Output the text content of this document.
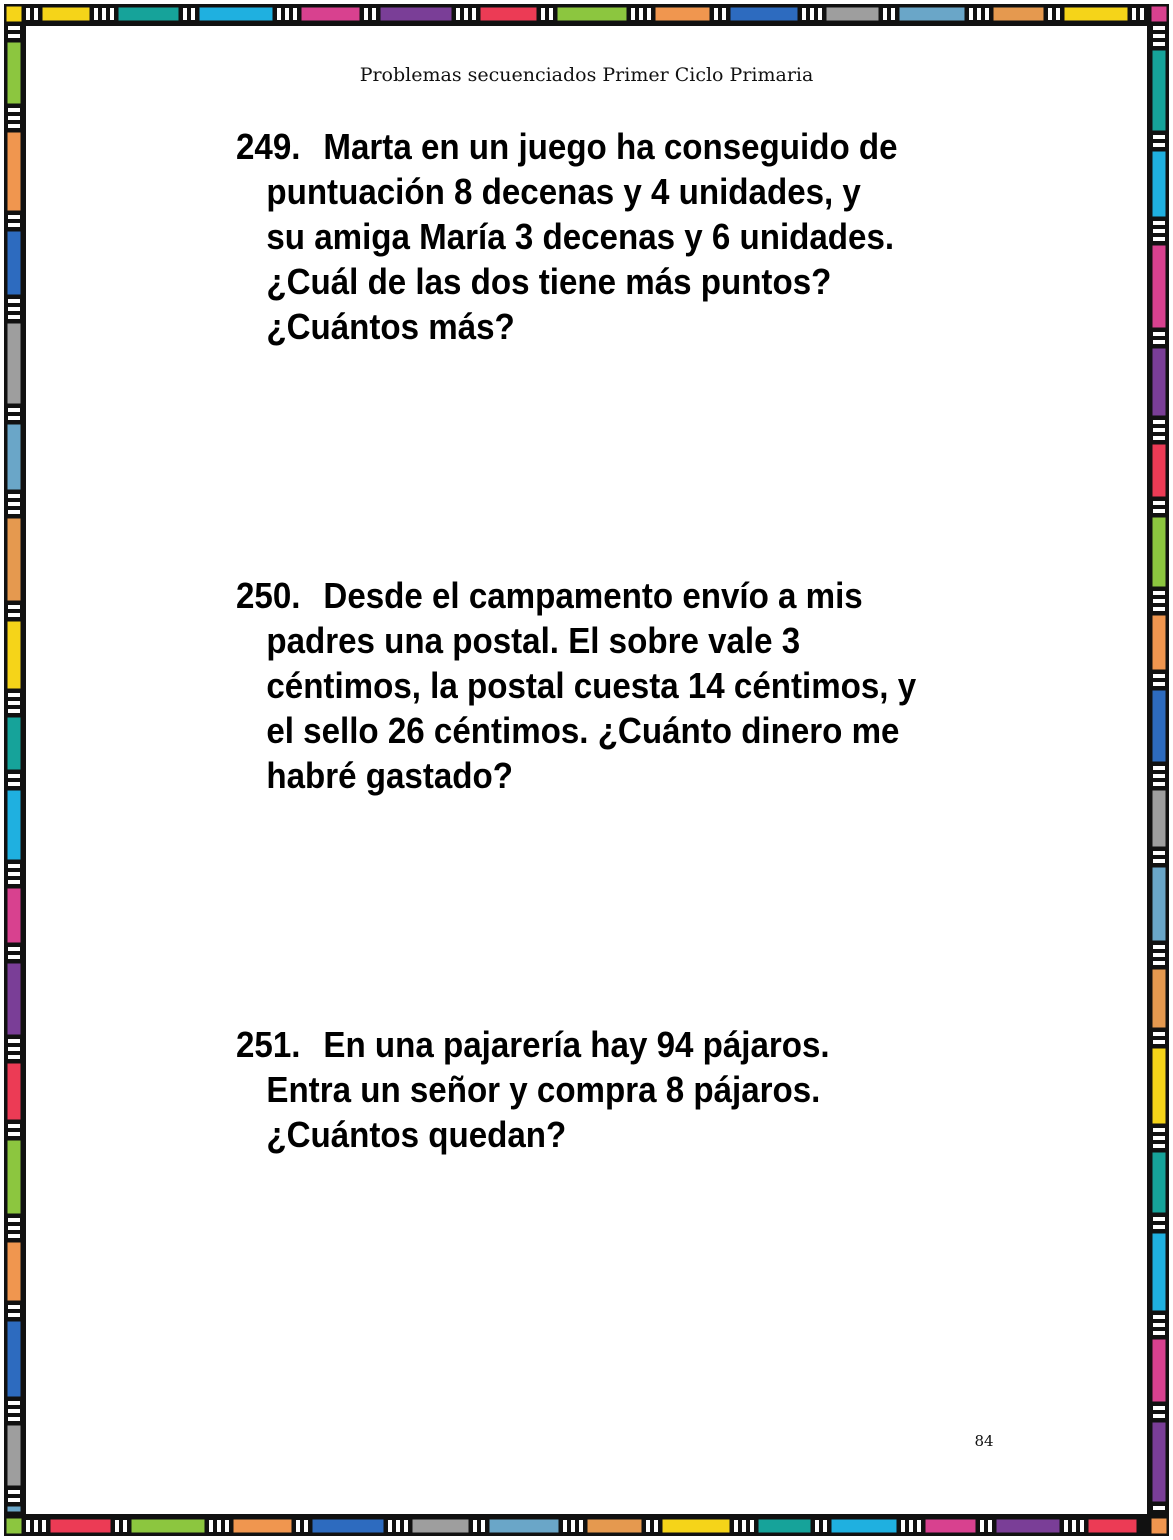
Problemas secuenciados Primer Ciclo Primaria
249. Marta en un juego ha conseguido de
puntuación 8 decenas y 4 unidades, y
su amiga María 3 decenas y 6 unidades.
¿Cuál de las dos tiene más puntos?
¿Cuántos más?
250. Desde el campamento envío a mis
padres una postal. El sobre vale 3
céntimos, la postal cuesta 14 céntimos, y
el sello 26 céntimos. ¿Cuánto dinero me
habré gastado?
251. En una pajarería hay 94 pájaros.
Entra un señor y compra 8 pájaros.
¿Cuántos quedan?
84
